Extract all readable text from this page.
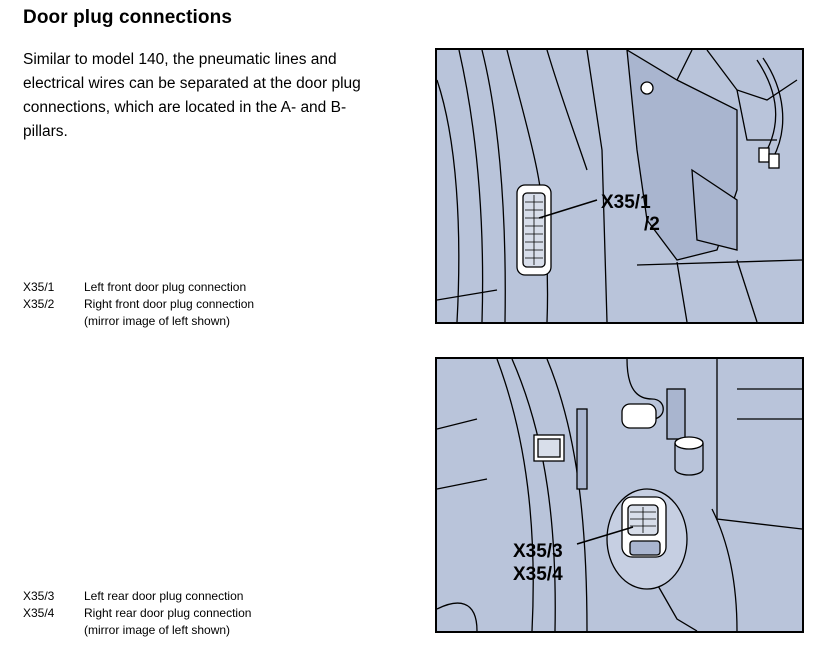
Door plug connections
Similar to model 140, the pneumatic lines and electrical wires can be separated at the door plug connections, which are located in the A- and B-pillars.
X35/1	Left front door plug connection
X35/2	Right front door plug connection
(mirror image of left shown)
X35/3	Left rear door plug connection
X35/4	Right rear door plug connection
(mirror image of left shown)
X35/1
/2
X35/3
X35/4
